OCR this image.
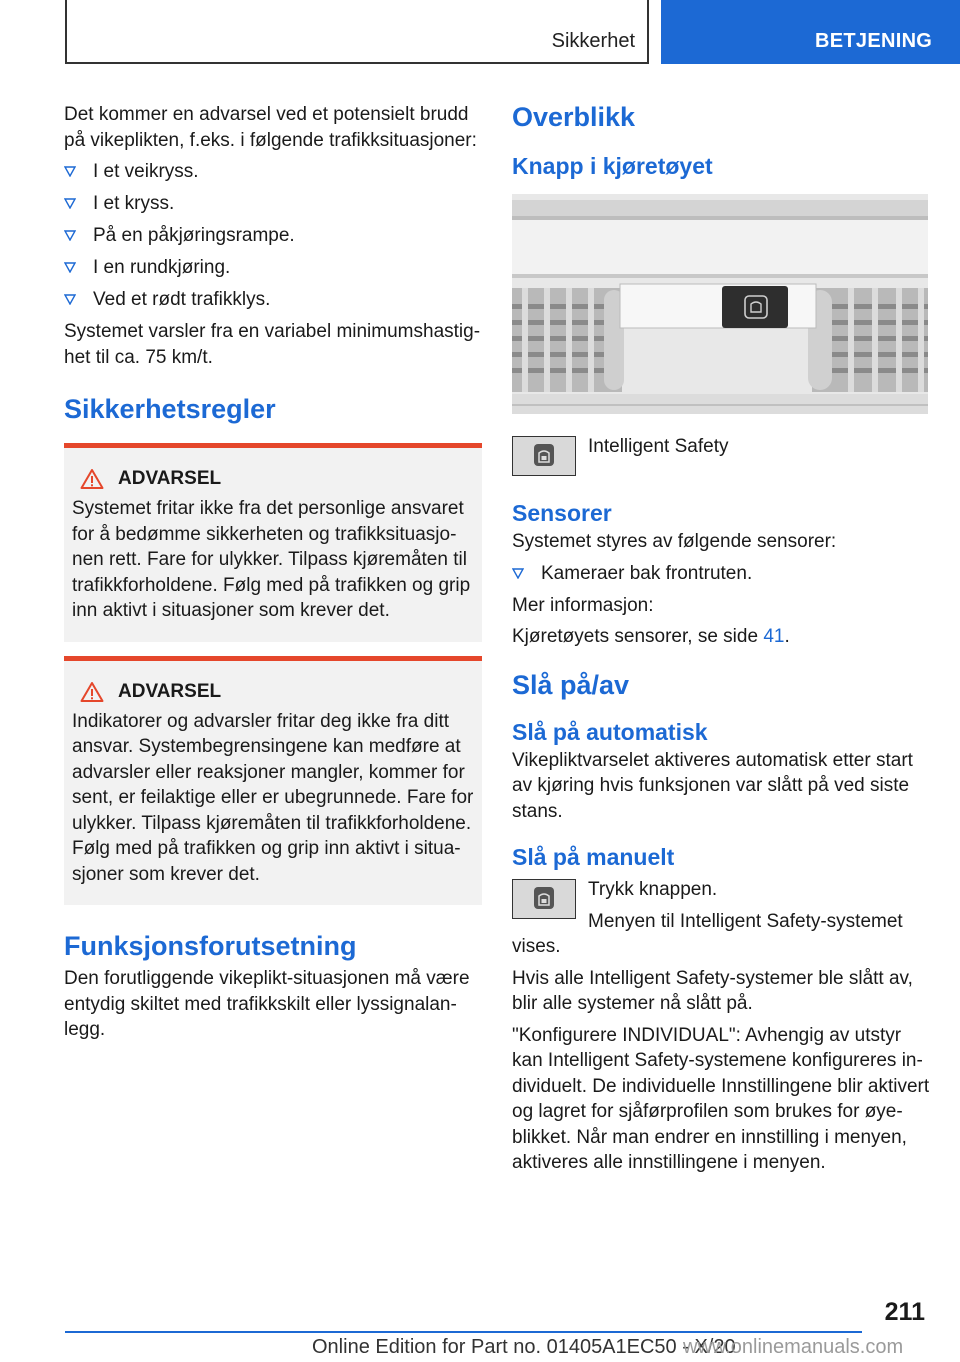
Sikkerhet	BETJENING

Det kommer en advarsel ved et potensielt brudd på vikeplikten, f.eks. i følgende trafikksituasjoner:

I et veikryss.
I et kryss.
På en påkjøringsrampe.
I en rundkjøring.
Ved et rødt trafikklys.

Systemet varsler fra en variabel minimumshastighet til ca. 75 km/t.

Sikkerhetsregler
ADVARSEL

Systemet fritar ikke fra det personlige ansvaret for å bedømme sikkerheten og trafikksituasjonen rett. Fare for ulykker. Tilpass kjøremåten til trafikkforholdene. Følg med på trafikken og grip inn aktivt i situasjoner som krever det.

ADVARSEL

Indikatorer og advarsler fritar deg ikke fra ditt ansvar. Systembegrensingene kan medføre at advarsler eller reaksjoner mangler, kommer for sent, er feilaktige eller er ubegrunnede. Fare for ulykker. Tilpass kjøremåten til trafikkforholdene. Følg med på trafikken og grip inn aktivt i situasjoner som krever det.

Funksjonsforutsetning

Den forutliggende vikeplikt-situasjonen må være entydig skiltet med trafikkskilt eller lyssignalanlegg.

Overblikk
Knapp i kjøretøyet

Intelligent Safety

Sensorer

Systemet styres av følgende sensorer:

Kameraer bak frontruten.

Mer informasjon:

Kjøretøyets sensorer, se side 41.

Slå på/av
Slå på automatisk

Vikepliktvarselet aktiveres automatisk etter start av kjøring hvis funksjonen var slått på ved siste stans.

Slå på manuelt

Trykk knappen.

Menyen til Intelligent Safety-systemet vises.

Hvis alle Intelligent Safety-systemer ble slått av, blir alle systemer nå slått på.

"Konfigurere INDIVIDUAL": Avhengig av utstyr kan Intelligent Safety-systemene konfigureres individuelt. De individuelle Innstillingene blir aktivert og lagret for sjåførprofilen som brukes for øyeblikket. Når man endrer en innstilling i menyen, aktiveres alle innstillingene i menyen.

211
Online Edition for Part no. 01405A1EC50 - X/20
www.onlinemanuals.com
